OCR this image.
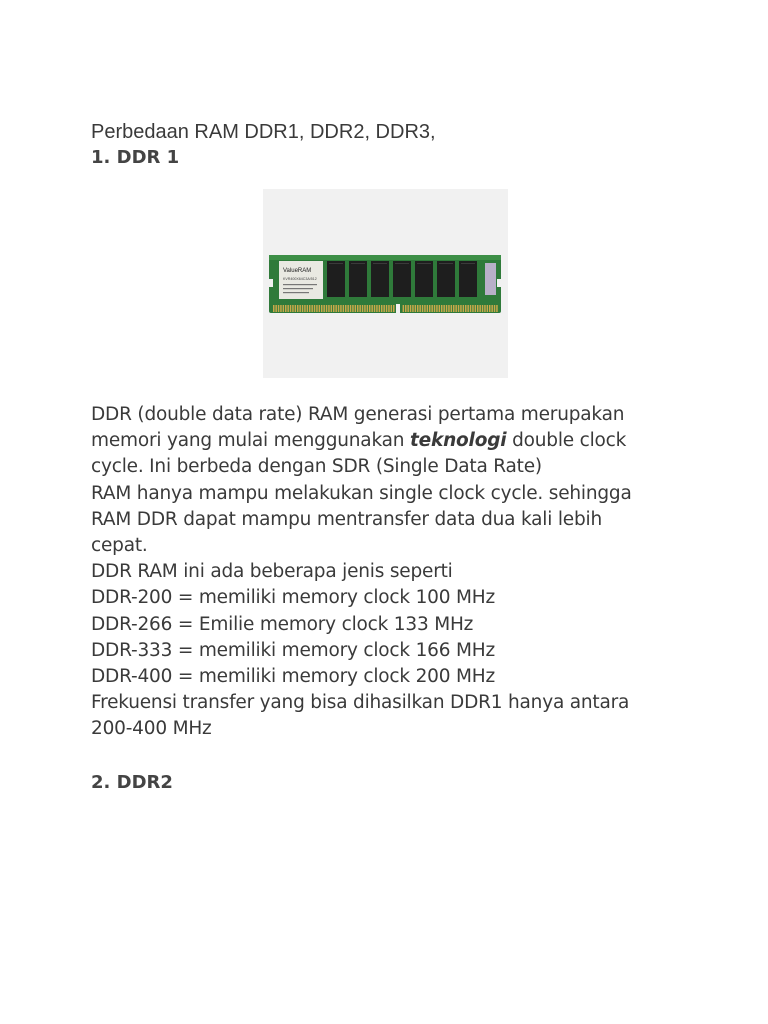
Perbedaan RAM DDR1, DDR2, DDR3,
1. DDR 1
ValueRAM
KVR400X64C3A/512
DDR (double data rate) RAM generasi pertama merupakan
memori yang mulai menggunakan teknologi double clock
cycle. Ini berbeda dengan SDR (Single Data Rate)
RAM hanya mampu melakukan single clock cycle. sehingga
RAM DDR dapat mampu mentransfer data dua kali lebih
cepat.
DDR RAM ini ada beberapa jenis seperti
DDR-200 = memiliki memory clock 100 MHz
DDR-266 = Emilie memory clock 133 MHz
DDR-333 = memiliki memory clock 166 MHz
DDR-400 = memiliki memory clock 200 MHz
Frekuensi transfer yang bisa dihasilkan DDR1 hanya antara
200-400 MHz
2. DDR2
